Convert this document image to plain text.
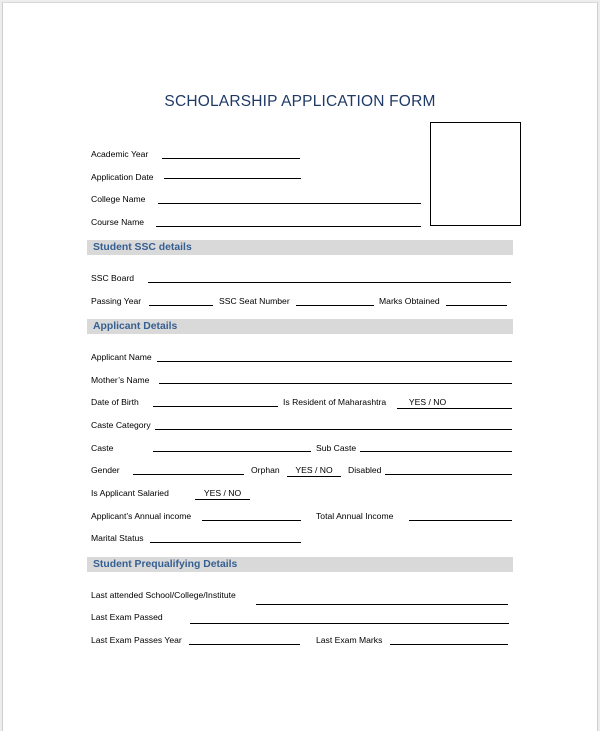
SCHOLARSHIP APPLICATION FORM
Academic Year
Application Date
College Name
Course Name
Student SSC details
SSC Board
Passing Year	SSC Seat Number	Marks Obtained
Applicant Details
Applicant Name
Mother’s Name
Date of Birth	Is Resident of Maharashtra	YES / NO
Caste Category
Caste	Sub Caste
Gender	Orphan	YES / NO	Disabled
Is Applicant Salaried	YES / NO
Applicant’s Annual income	Total Annual Income
Marital Status
Student Prequalifying Details
Last attended School/College/Institute
Last Exam Passed
Last Exam Passes Year	Last Exam Marks
